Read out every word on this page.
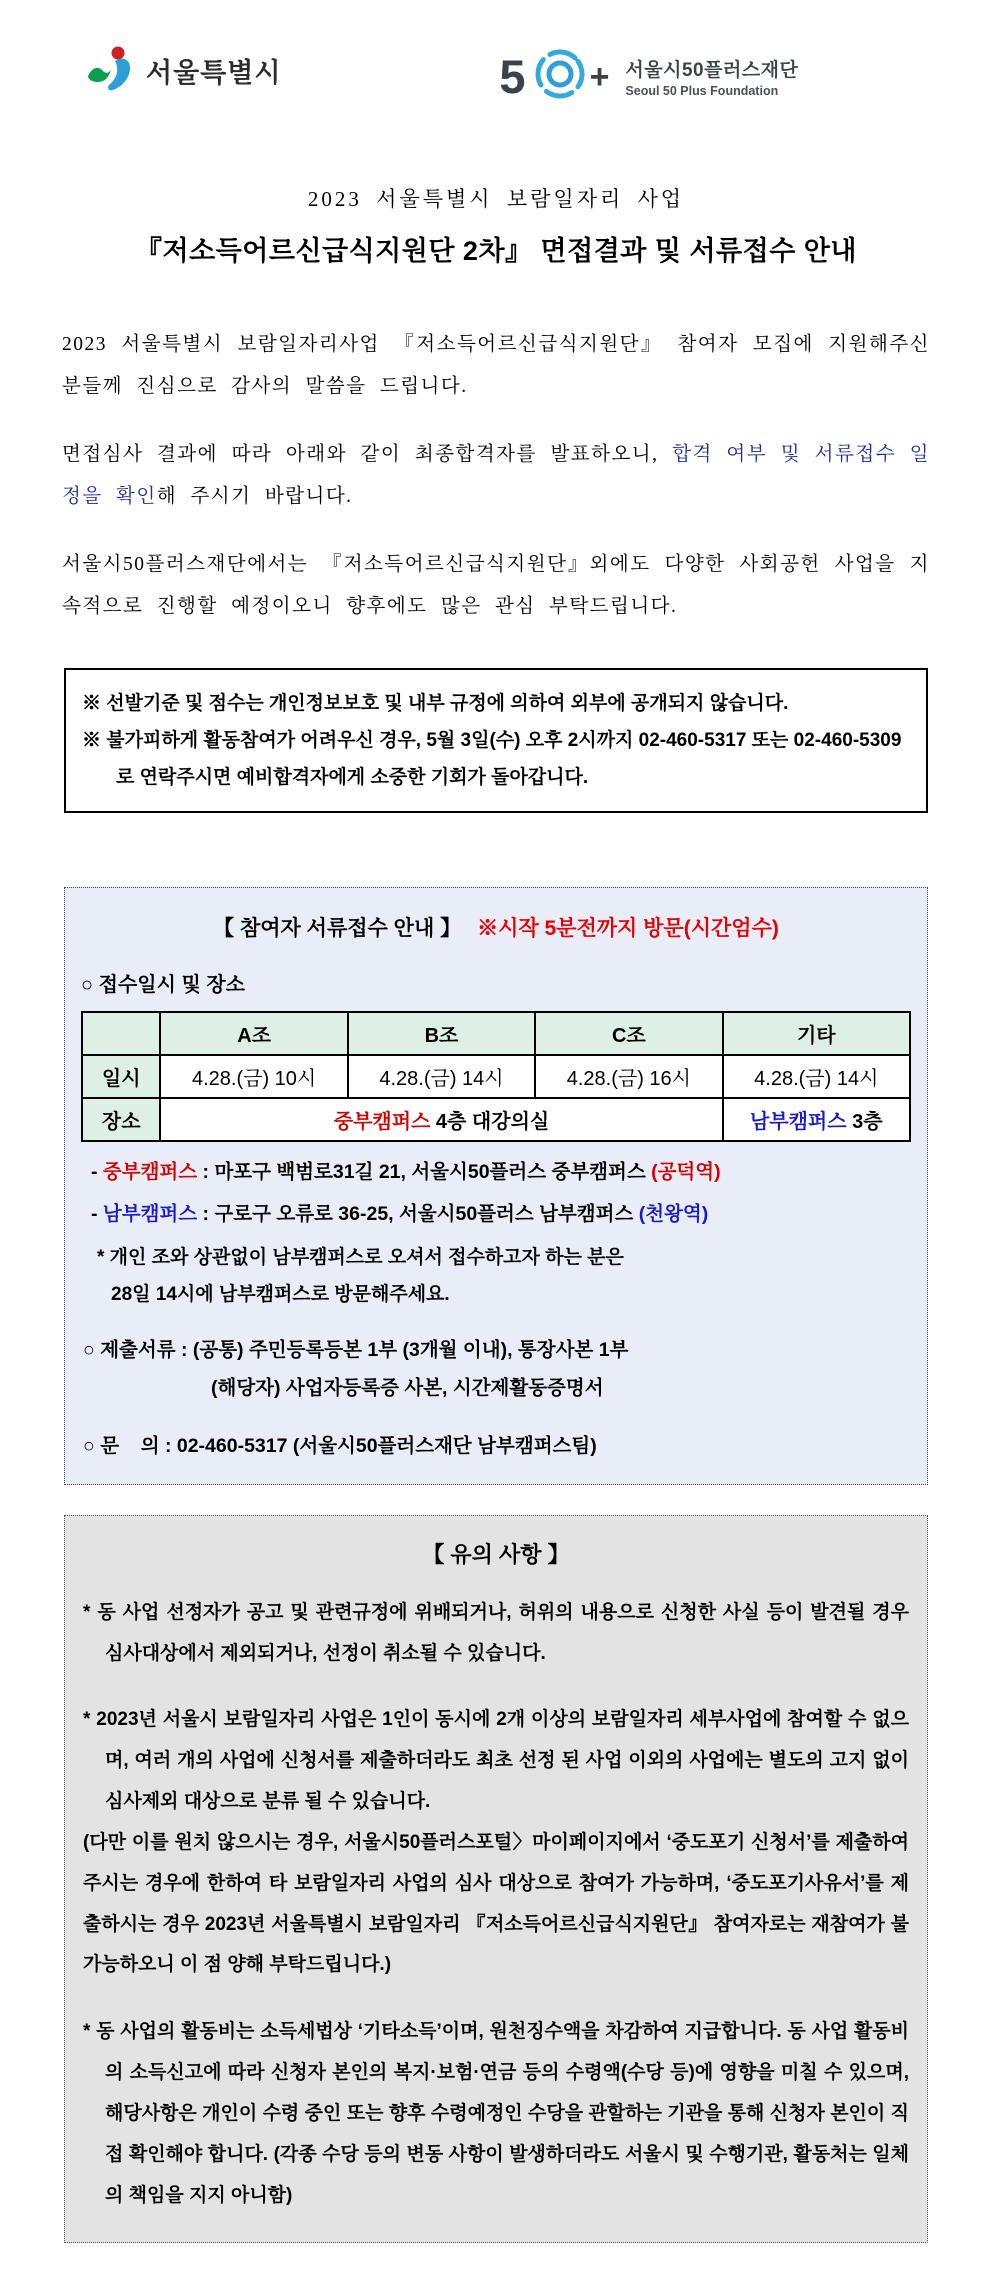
서울특별시	5 + 서울시50플러스재단
Seoul 50 Plus Foundation
2023 서울특별시 보람일자리 사업
『저소득어르신급식지원단 2차』 면접결과 및 서류접수 안내

2023 서울특별시 보람일자리사업 『저소득어르신급식지원단』 참여자 모집에 지원해주신 분들께 진심으로 감사의 말씀을 드립니다.

면접심사 결과에 따라 아래와 같이 최종합격자를 발표하오니, 합격 여부 및 서류접수 일정을 확인해 주시기 바랍니다.

서울시50플러스재단에서는 『저소득어르신급식지원단』외에도 다양한 사회공헌 사업을 지속적으로 진행할 예정이오니 향후에도 많은 관심 부탁드립니다.

※ 선발기준 및 점수는 개인정보보호 및 내부 규정에 의하여 외부에 공개되지 않습니다.

※ 불가피하게 활동참여가 어려우신 경우, 5월 3일(수) 오후 2시까지 02-460-5317 또는 02-460-5309로 연락주시면 예비합격자에게 소중한 기회가 돌아갑니다.

【 참여자 서류접수 안내 】 ※시작 5분전까지 방문(시간엄수)
○ 접수일시 및 장소
	A조	B조	C조	기타
일시	4.28.(금) 10시	4.28.(금) 14시	4.28.(금) 16시	4.28.(금) 14시
장소	중부캠퍼스 4층 대강의실			남부캠퍼스 3층

- 중부캠퍼스 : 마포구 백범로31길 21, 서울시50플러스 중부캠퍼스 (공덕역)

- 남부캠퍼스 : 구로구 오류로 36-25, 서울시50플러스 남부캠퍼스 (천왕역)

* 개인 조와 상관없이 남부캠퍼스로 오셔서 접수하고자 하는 분은

28일 14시에 남부캠퍼스로 방문해주세요.

○ 제출서류 : (공통) 주민등록등본 1부 (3개월 이내), 통장사본 1부

(해당자) 사업자등록증 사본, 시간제활동증명서

○ 문    의 : 02-460-5317 (서울시50플러스재단 남부캠퍼스팀)

【 유의 사항 】

* 동 사업 선정자가 공고 및 관련규정에 위배되거나, 허위의 내용으로 신청한 사실 등이 발견될 경우 심사대상에서 제외되거나, 선정이 취소될 수 있습니다.

* 2023년 서울시 보람일자리 사업은 1인이 동시에 2개 이상의 보람일자리 세부사업에 참여할 수 없으며, 여러 개의 사업에 신청서를 제출하더라도 최초 선정 된 사업 이외의 사업에는 별도의 고지 없이 심사제외 대상으로 분류 될 수 있습니다.

(다만 이를 원치 않으시는 경우, 서울시50플러스포털〉마이페이지에서 ‘중도포기 신청서’를 제출하여 주시는 경우에 한하여 타 보람일자리 사업의 심사 대상으로 참여가 가능하며, ‘중도포기사유서’를 제출하시는 경우 2023년 서울특별시 보람일자리 『저소득어르신급식지원단』 참여자로는 재참여가 불가능하오니 이 점 양해 부탁드립니다.)

* 동 사업의 활동비는 소득세법상 ‘기타소득’이며, 원천징수액을 차감하여 지급합니다. 동 사업 활동비의 소득신고에 따라 신청자 본인의 복지·보험·연금 등의 수령액(수당 등)에 영향을 미칠 수 있으며, 해당사항은 개인이 수령 중인 또는 향후 수령예정인 수당을 관할하는 기관을 통해 신청자 본인이 직접 확인해야 합니다. (각종 수당 등의 변동 사항이 발생하더라도 서울시 및 수행기관, 활동처는 일체의 책임을 지지 아니함)
